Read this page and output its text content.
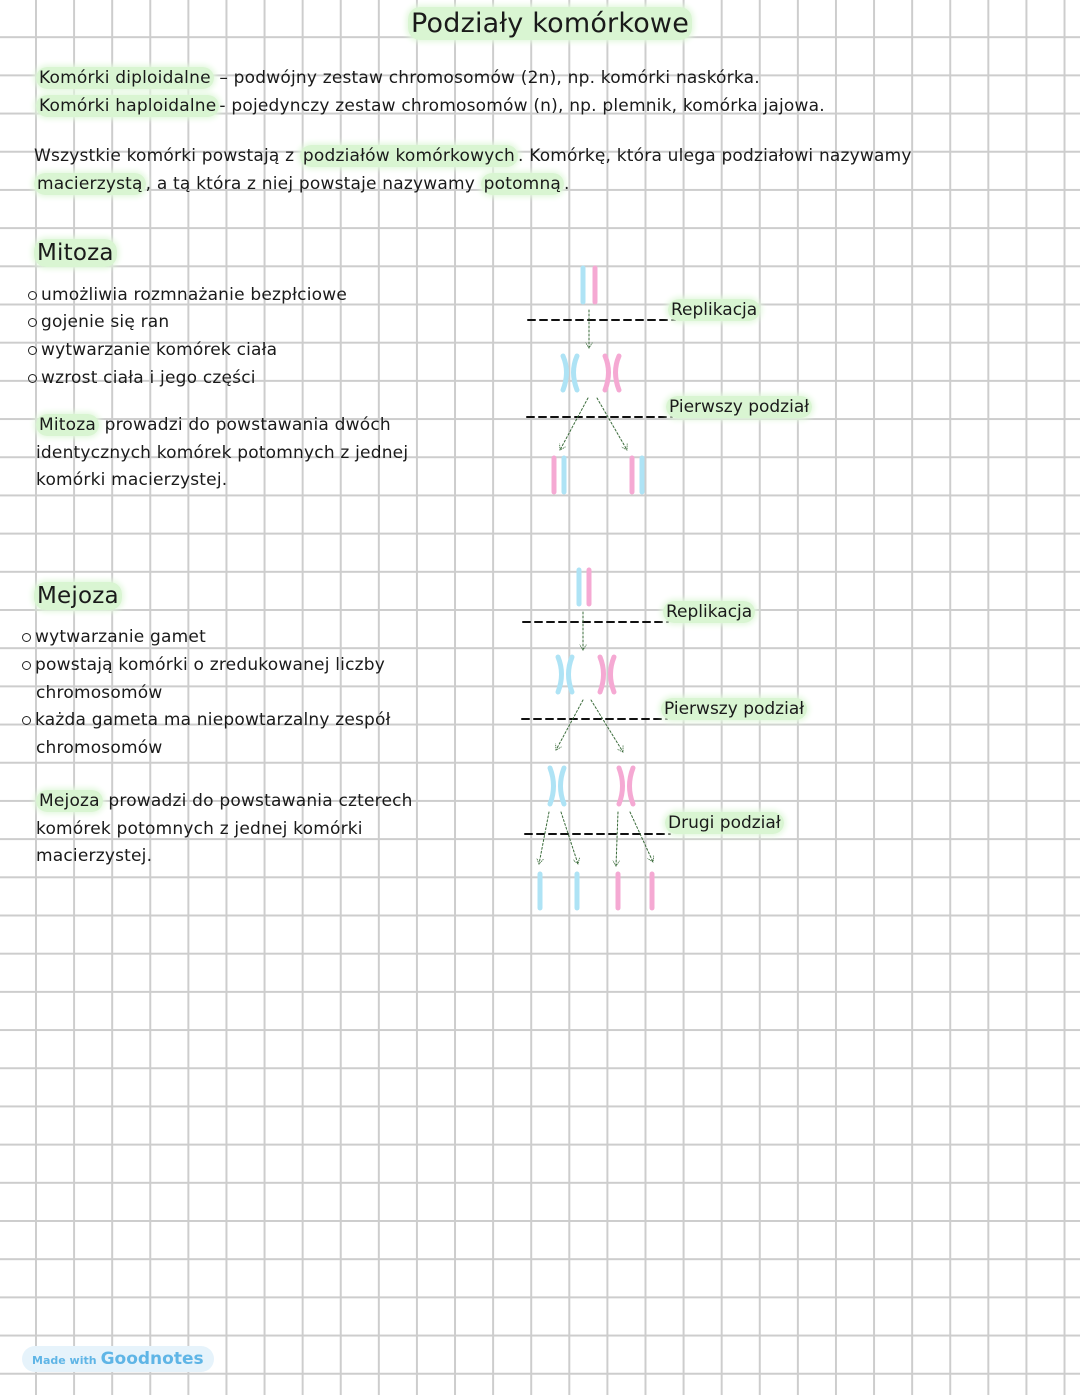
Podziały komórkowe
Komórki diploidalne – podwójny zestaw chromosomów (2n), np. komórki naskórka.
Komórki haploidalne - pojedynczy zestaw chromosomów (n), np. plemnik, komórka jajowa.
Wszystkie komórki powstają z podziałów komórkowych . Komórkę, która ulega podziałowi nazywamy
macierzystą , a tą która z niej powstaje nazywamy potomną .
Mitoza
umożliwia rozmnażanie bezpłciowe
gojenie się ran
wytwarzanie komórek ciała
wzrost ciała i jego części
Mitoza prowadzi do powstawania dwóch
identycznych komórek potomnych z jednej
komórki macierzystej.
Mejoza
wytwarzanie gamet
powstają komórki o zredukowanej liczby
chromosomów
każda gameta ma niepowtarzalny zespół
chromosomów
Mejoza prowadzi do powstawania czterech
komórek potomnych z jednej komórki
macierzystej.
Replikacja
Pierwszy podział
Replikacja
Pierwszy podział
Drugi podział
Made with Goodnotes
